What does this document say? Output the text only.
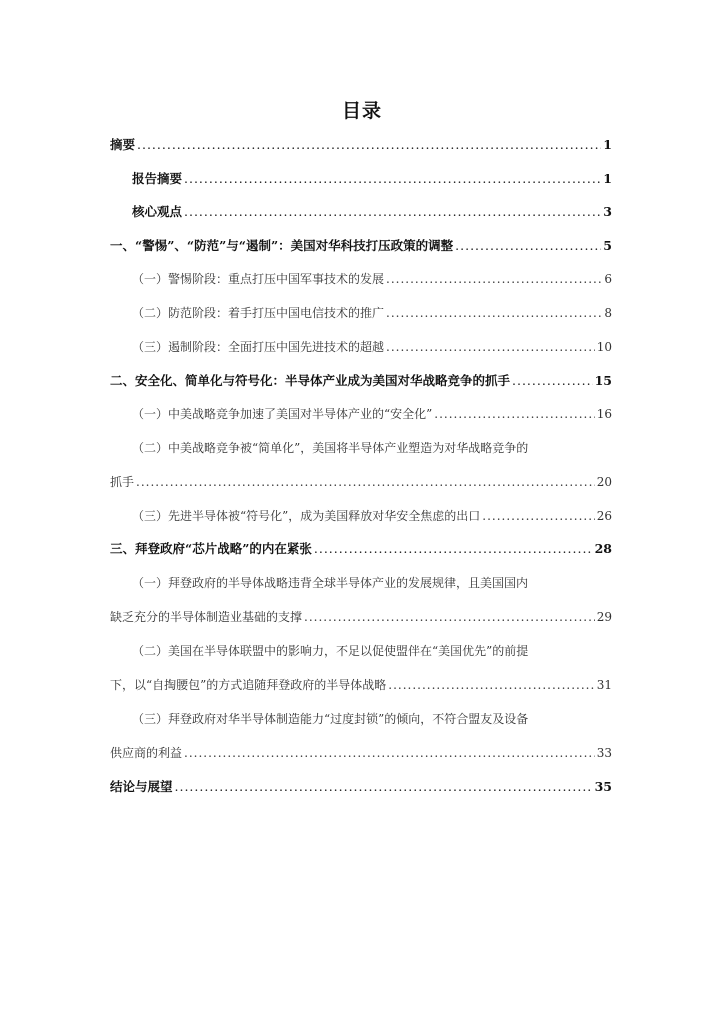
目录
摘要 .....	1
报告摘要 .....	1
核心观点 .....	3
一、“警惕”、“防范”与“遏制”：美国对华科技打压政策的调整 .....	5
（一）警惕阶段：重点打压中国军事技术的发展 .....	6
（二）防范阶段：着手打压中国电信技术的推广 .....	8
（三）遏制阶段：全面打压中国先进技术的超越 .....	10
二、安全化、简单化与符号化：半导体产业成为美国对华战略竞争的抓手 .....	15
（一）中美战略竞争加速了美国对半导体产业的“安全化” .....	16
（二）中美战略竞争被“简单化”，美国将半导体产业塑造为对华战略竞争的
抓手 .....	20
（三）先进半导体被“符号化”，成为美国释放对华安全焦虑的出口 .....	26
三、拜登政府“芯片战略”的内在紧张 .....	28
（一）拜登政府的半导体战略违背全球半导体产业的发展规律，且美国国内
缺乏充分的半导体制造业基础的支撑 .....	29
（二）美国在半导体联盟中的影响力，不足以促使盟伴在“美国优先”的前提
下，以“自掏腰包”的方式追随拜登政府的半导体战略 .....	31
（三）拜登政府对华半导体制造能力“过度封锁”的倾向，不符合盟友及设备
供应商的利益 .....	33
结论与展望 .....	35
